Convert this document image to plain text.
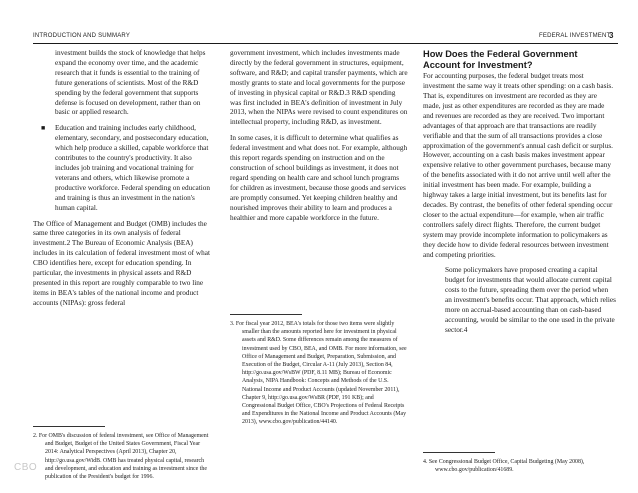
INTRODUCTION AND SUMMARY	FEDERAL INVESTMENT
3

investment builds the stock of knowledge that helps expand the economy over time, and the academic research that it funds is essential to the training of future generations of scientists. Most of the R&D spending by the federal government that supports defense is focused on development, rather than on basic or applied research.

■	Education and training includes early childhood, elementary, secondary, and postsecondary education, which help produce a skilled, capable workforce that contributes to the country's productivity. It also includes job training and vocational training for veterans and others, which likewise promote a productive workforce. Federal spending on education and training is thus an investment in the nation's human capital.

The Office of Management and Budget (OMB) includes the same three categories in its own analysis of federal investment.2 The Bureau of Economic Analysis (BEA) includes in its calculation of federal investment most of what CBO identifies here, except for education spending. In particular, the investments in physical assets and R&D presented in this report are roughly comparable to two line items in BEA's tables of the national income and product accounts (NIPAs): gross federal

2. For OMB's discussion of federal investment, see Office of Management and Budget, Budget of the United States Government, Fiscal Year 2014: Analytical Perspectives (April 2013), Chapter 20, http://go.usa.gov/WidB. OMB has treated physical capital, research and development, and education and training as investment since the publication of the President's budget for 1996.

government investment, which includes investments made directly by the federal government in structures, equipment, software, and R&D; and capital transfer payments, which are mostly grants to state and local governments for the purpose of investing in physical capital or R&D.3 R&D spending was first included in BEA's definition of investment in July 2013, when the NIPAs were revised to count expenditures on intellectual property, including R&D, as investment.

In some cases, it is difficult to determine what qualifies as federal investment and what does not. For example, although this report regards spending on instruction and on the construction of school buildings as investment, it does not regard spending on health care and school lunch programs for children as investment, because those goods and services are promptly consumed. Yet keeping children healthy and nourished improves their ability to learn and produces a healthier and more capable workforce in the future.

3. For fiscal year 2012, BEA's totals for those two items were slightly smaller than the amounts reported here for investment in physical assets and R&D. Some differences remain among the measures of investment used by CBO, BEA, and OMB. For more information, see Office of Management and Budget, Preparation, Submission, and Execution of the Budget, Circular A-11 (July 2013), Section 84, http://go.usa.gov/WsBW (PDF, 8.11 MB); Bureau of Economic Analysis, NIPA Handbook: Concepts and Methods of the U.S. National Income and Product Accounts (updated November 2011), Chapter 9, http://go.usa.gov/WsBR (PDF, 191 KB); and Congressional Budget Office, CBO's Projections of Federal Receipts and Expenditures in the National Income and Product Accounts (May 2013), www.cbo.gov/publication/44140.

How Does the Federal Government Account for Investment?

For accounting purposes, the federal budget treats most investment the same way it treats other spending: on a cash basis. That is, expenditures on investment are recorded as they are made, just as other expenditures are recorded as they are made and revenues are recorded as they are received. Two important advantages of that approach are that transactions are readily verifiable and that the sum of all transactions provides a close approximation of the government's annual cash deficit or surplus. However, accounting on a cash basis makes investment appear expensive relative to other government purchases, because many of the benefits associated with it do not arrive until well after the initial investment has been made. For example, building a highway takes a large initial investment, but its benefits last for decades. By contrast, the benefits of other federal spending occur closer to the actual expenditure—for example, when air traffic controllers safely direct flights. Therefore, the current budget system may provide incomplete information to policymakers as they decide how to divide federal resources between investment and competing priorities.

Some policymakers have proposed creating a capital budget for investments that would allocate current capital costs to the future, spreading them over the period when an investment's benefits occur. That approach, which relies more on accrual-based accounting than on cash-based accounting, would be similar to the one used in the private sector.4

4. See Congressional Budget Office, Capital Budgeting (May 2008), www.cbo.gov/publication/41689.

CBO
